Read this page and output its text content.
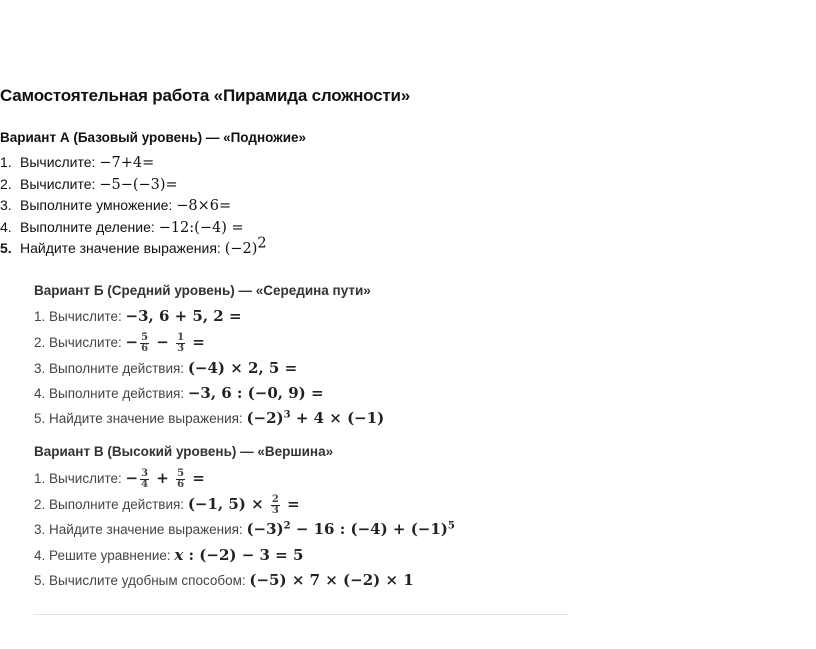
Самостоятельная работа «Пирамида сложности»
Вариант А (Базовый уровень) — «Подножие»
1. Вычислите: −7+4=
2. Вычислите: −5−(−3)=
3. Выполните умножение: −8×6=
4. Выполните деление: −12:(−4) =
5. Найдите значение выражения: (−2)2
Вариант Б (Средний уровень) — «Середина пути»
1. Вычислите: −3, 6 + 5, 2 =
2. Вычислите: − $\frac{5}{6} - \frac{1}{3}$ =
3. Выполните действия: (−4) × 2, 5 =
4. Выполните действия: −3, 6 : (−0, 9) =
5. Найдите значение выражения: $(-2)^3 + 4 \times (-1)$
Вариант В (Высокий уровень) — «Вершина»
1. Вычислите: − $\frac{3}{4} + \frac{5}{6}$ =
2. Выполните действия: (−1, $5) \times \frac{2}{3}$ =
3. Найдите значение выражения: $(-3)^2 - 16$ : $(-4) + (-1)^5$
4. Решите уравнение: x : (−2) − 3 = 5
5. Вычислите удобным способом: (−5) × 7 × (−2) × 1
